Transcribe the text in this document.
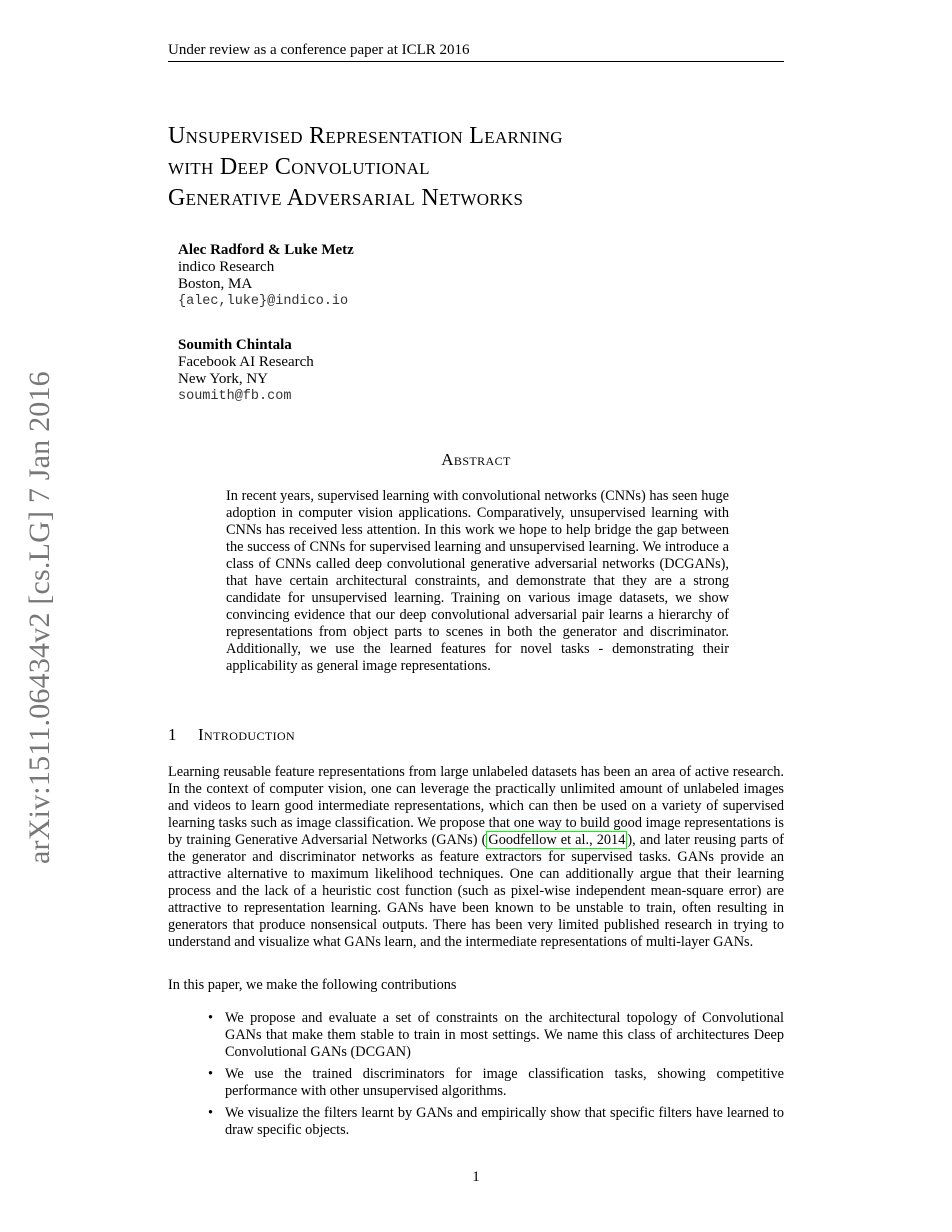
Under review as a conference paper at ICLR 2016
Unsupervised Representation Learning
with Deep Convolutional
Generative Adversarial Networks
Alec Radford & Luke Metz
indico Research
Boston, MA
{alec,luke}@indico.io
Soumith Chintala
Facebook AI Research
New York, NY
soumith@fb.com
arXiv:1511.06434v2 [cs.LG] 7 Jan 2016	Abstract

In recent years, supervised learning with convolutional networks (CNNs) has seen huge adoption in computer vision applications. Comparatively, unsupervised learning with CNNs has received less attention. In this work we hope to help bridge the gap between the success of CNNs for supervised learning and unsupervised learning. We introduce a class of CNNs called deep convolutional generative adversarial networks (DCGANs), that have certain architectural constraints, and demonstrate that they are a strong candidate for unsupervised learning. Training on various image datasets, we show convincing evidence that our deep convolutional adversarial pair learns a hierarchy of representations from object parts to scenes in both the generator and discriminator. Additionally, we use the learned features for novel tasks - demonstrating their applicability as general image representations.

1 Introduction

Learning reusable feature representations from large unlabeled datasets has been an area of active research. In the context of computer vision, one can leverage the practically unlimited amount of unlabeled images and videos to learn good intermediate representations, which can then be used on a variety of supervised learning tasks such as image classification. We propose that one way to build good image representations is by training Generative Adversarial Networks (GANs) ( Goodfellow et al., 2014 ), and later reusing parts of the generator and discriminator networks as feature extractors for supervised tasks. GANs provide an attractive alternative to maximum likelihood techniques. One can additionally argue that their learning process and the lack of a heuristic cost function (such as pixel-wise independent mean-square error) are attractive to representation learning. GANs have been known to be unstable to train, often resulting in generators that produce nonsensical outputs. There has been very limited published research in trying to understand and visualize what GANs learn, and the intermediate representations of multi-layer GANs.

In this paper, we make the following contributions

• We propose and evaluate a set of constraints on the architectural topology of Convolutional GANs that make them stable to train in most settings. We name this class of architectures Deep Convolutional GANs (DCGAN)
• We use the trained discriminators for image classification tasks, showing competitive performance with other unsupervised algorithms.
• We visualize the filters learnt by GANs and empirically show that specific filters have learned to draw specific objects.
1
